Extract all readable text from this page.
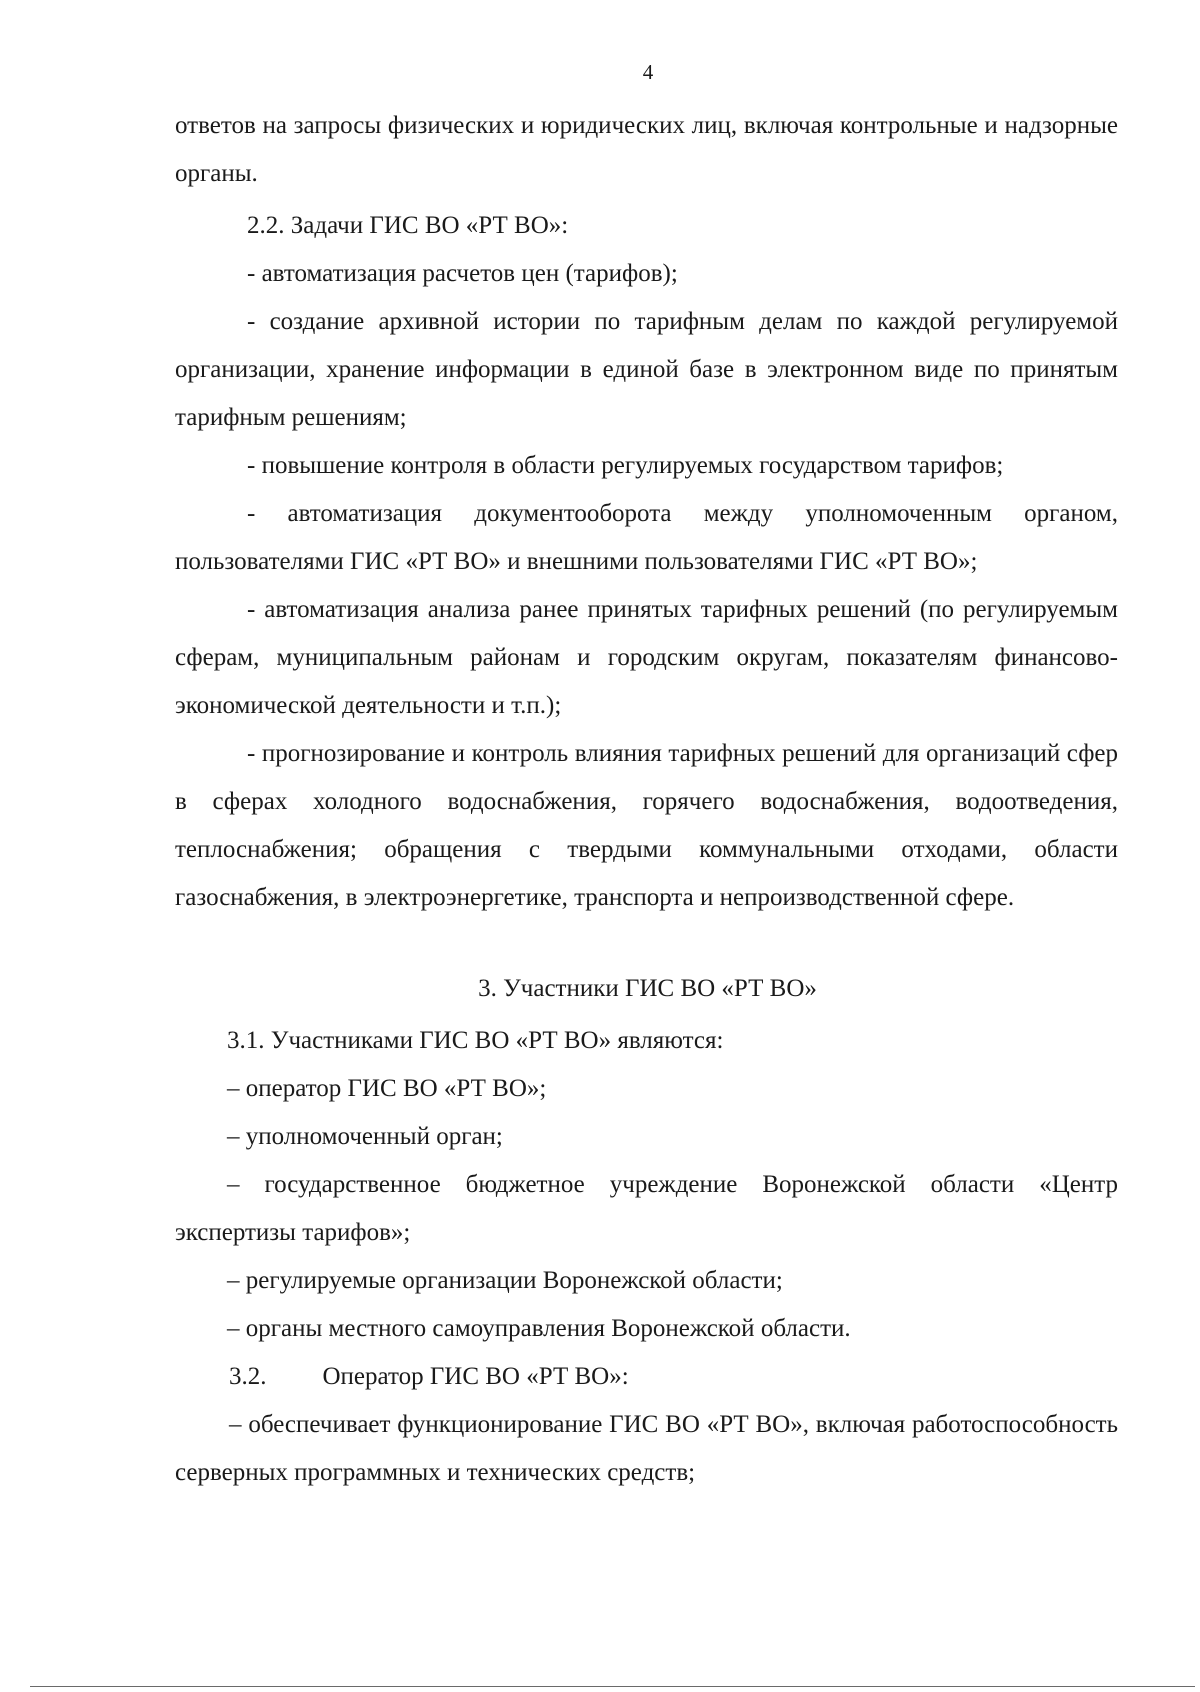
4

ответов на запросы физических и юридических лиц, включая контрольные и надзорные органы.

2.2. Задачи ГИС ВО «РТ ВО»:

- автоматизация расчетов цен (тарифов);

- создание архивной истории по тарифным делам по каждой регулируемой организации, хранение информации в единой базе в электронном виде по принятым тарифным решениям;

- повышение контроля в области регулируемых государством тарифов;

- автоматизация документооборота между уполномоченным органом, пользователями ГИС «РТ ВО» и внешними пользователями ГИС «РТ ВО»;

- автоматизация анализа ранее принятых тарифных решений (по регулируемым сферам, муниципальным районам и городским округам, показателям финансово-экономической деятельности и т.п.);

- прогнозирование и контроль влияния тарифных решений для организаций сфер в сферах холодного водоснабжения, горячего водоснабжения, водоотведения, теплоснабжения; обращения с твердыми коммунальными отходами, области газоснабжения, в электроэнергетике, транспорта и непроизводственной сфере.

3. Участники ГИС ВО «РТ ВО»

3.1. Участниками ГИС ВО «РТ ВО» являются:

– оператор ГИС ВО «РТ ВО»;

– уполномоченный орган;

– государственное бюджетное учреждение Воронежской области «Центр экспертизы тарифов»;

– регулируемые организации Воронежской области;

– органы местного самоуправления Воронежской области.

3.2. Оператор ГИС ВО «РТ ВО»:

– обеспечивает функционирование ГИС ВО «РТ ВО», включая работоспособность серверных программных и технических средств;
